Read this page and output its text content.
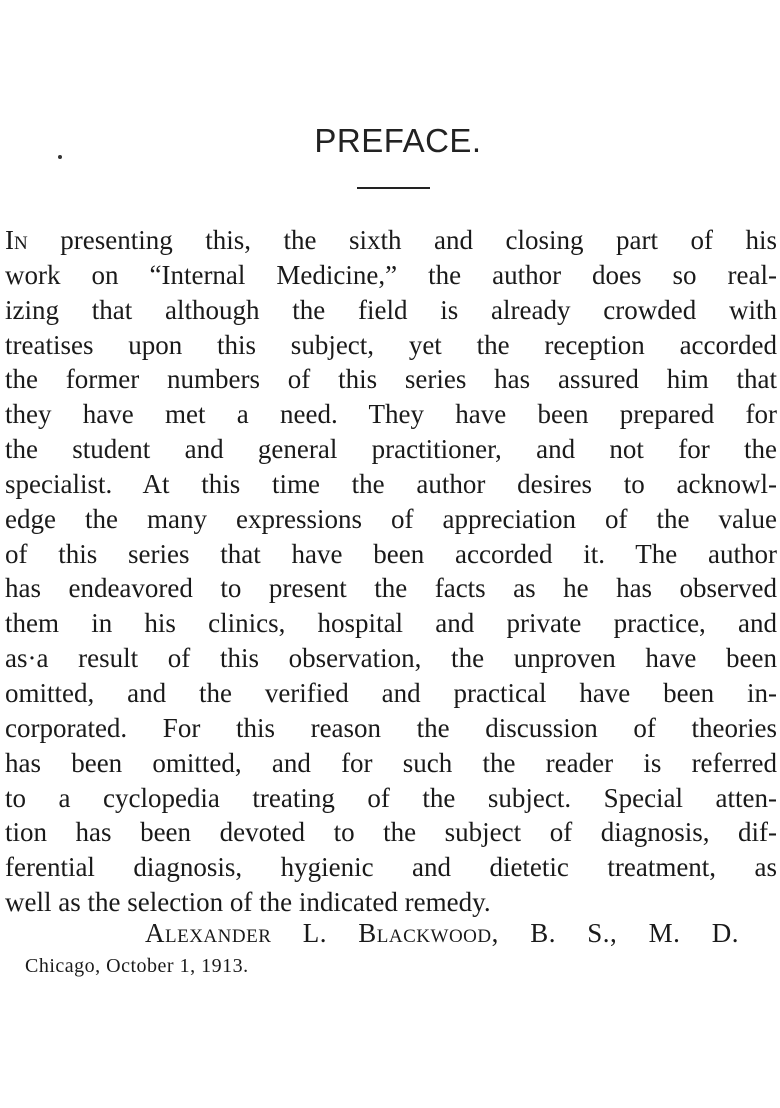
PREFACE.
In presenting this, the sixth and closing part of his
work on “Internal Medicine,” the author does so real-
izing that although the field is already crowded with
treatises upon this subject, yet the reception accorded
the former numbers of this series has assured him that
they have met a need. They have been prepared for
the student and general practitioner, and not for the
specialist. At this time the author desires to acknowl-
edge the many expressions of appreciation of the value
of this series that have been accorded it. The author
has endeavored to present the facts as he has observed
them in his clinics, hospital and private practice, and
as·a result of this observation, the unproven have been
omitted, and the verified and practical have been in-
corporated. For this reason the discussion of theories
has been omitted, and for such the reader is referred
to a cyclopedia treating of the subject. Special atten-
tion has been devoted to the subject of diagnosis, dif-
ferential diagnosis, hygienic and dietetic treatment, as
well as the selection of the indicated remedy.
Alexander L. Blackwood, B. S., M. D.
Chicago, October 1, 1913.
